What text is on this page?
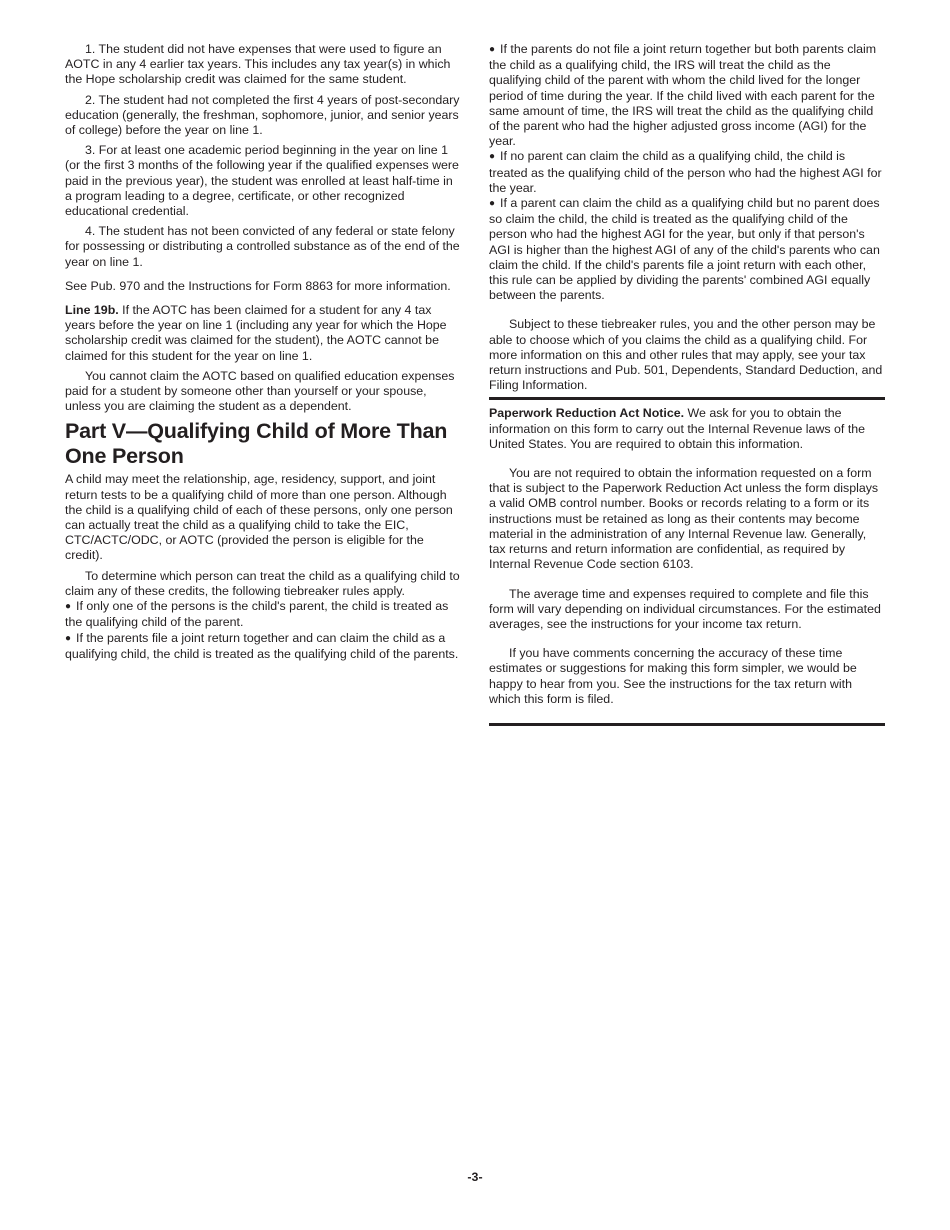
1. The student did not have expenses that were used to figure an AOTC in any 4 earlier tax years. This includes any tax year(s) in which the Hope scholarship credit was claimed for the same student.

2. The student had not completed the first 4 years of post-secondary education (generally, the freshman, sophomore, junior, and senior years of college) before the year on line 1.

3. For at least one academic period beginning in the year on line 1 (or the first 3 months of the following year if the qualified expenses were paid in the previous year), the student was enrolled at least half-time in a program leading to a degree, certificate, or other recognized educational credential.

4. The student has not been convicted of any federal or state felony for possessing or distributing a controlled substance as of the end of the year on line 1.

See Pub. 970 and the Instructions for Form 8863 for more information.

Line 19b. If the AOTC has been claimed for a student for any 4 tax years before the year on line 1 (including any year for which the Hope scholarship credit was claimed for the student), the AOTC cannot be claimed for this student for the year on line 1.

You cannot claim the AOTC based on qualified education expenses paid for a student by someone other than yourself or your spouse, unless you are claiming the student as a dependent.

Part V—Qualifying Child of More Than One Person

A child may meet the relationship, age, residency, support, and joint return tests to be a qualifying child of more than one person. Although the child is a qualifying child of each of these persons, only one person can actually treat the child as a qualifying child to take the EIC, CTC/ACTC/ODC, or AOTC (provided the person is eligible for the credit).

To determine which person can treat the child as a qualifying child to claim any of these credits, the following tiebreaker rules apply.

● If only one of the persons is the child's parent, the child is treated as the qualifying child of the parent.

● If the parents file a joint return together and can claim the child as a qualifying child, the child is treated as the qualifying child of the parents.

● If the parents do not file a joint return together but both parents claim the child as a qualifying child, the IRS will treat the child as the qualifying child of the parent with whom the child lived for the longer period of time during the year. If the child lived with each parent for the same amount of time, the IRS will treat the child as the qualifying child of the parent who had the higher adjusted gross income (AGI) for the year.

● If no parent can claim the child as a qualifying child, the child is treated as the qualifying child of the person who had the highest AGI for the year.

● If a parent can claim the child as a qualifying child but no parent does so claim the child, the child is treated as the qualifying child of the person who had the highest AGI for the year, but only if that person's AGI is higher than the highest AGI of any of the child's parents who can claim the child. If the child's parents file a joint return with each other, this rule can be applied by dividing the parents' combined AGI equally between the parents.

Subject to these tiebreaker rules, you and the other person may be able to choose which of you claims the child as a qualifying child. For more information on this and other rules that may apply, see your tax return instructions and Pub. 501, Dependents, Standard Deduction, and Filing Information.

Paperwork Reduction Act Notice. We ask for you to obtain the information on this form to carry out the Internal Revenue laws of the United States. You are required to obtain this information.

You are not required to obtain the information requested on a form that is subject to the Paperwork Reduction Act unless the form displays a valid OMB control number. Books or records relating to a form or its instructions must be retained as long as their contents may become material in the administration of any Internal Revenue law. Generally, tax returns and return information are confidential, as required by Internal Revenue Code section 6103.

The average time and expenses required to complete and file this form will vary depending on individual circumstances. For the estimated averages, see the instructions for your income tax return.

If you have comments concerning the accuracy of these time estimates or suggestions for making this form simpler, we would be happy to hear from you. See the instructions for the tax return with which this form is filed.

-3-
